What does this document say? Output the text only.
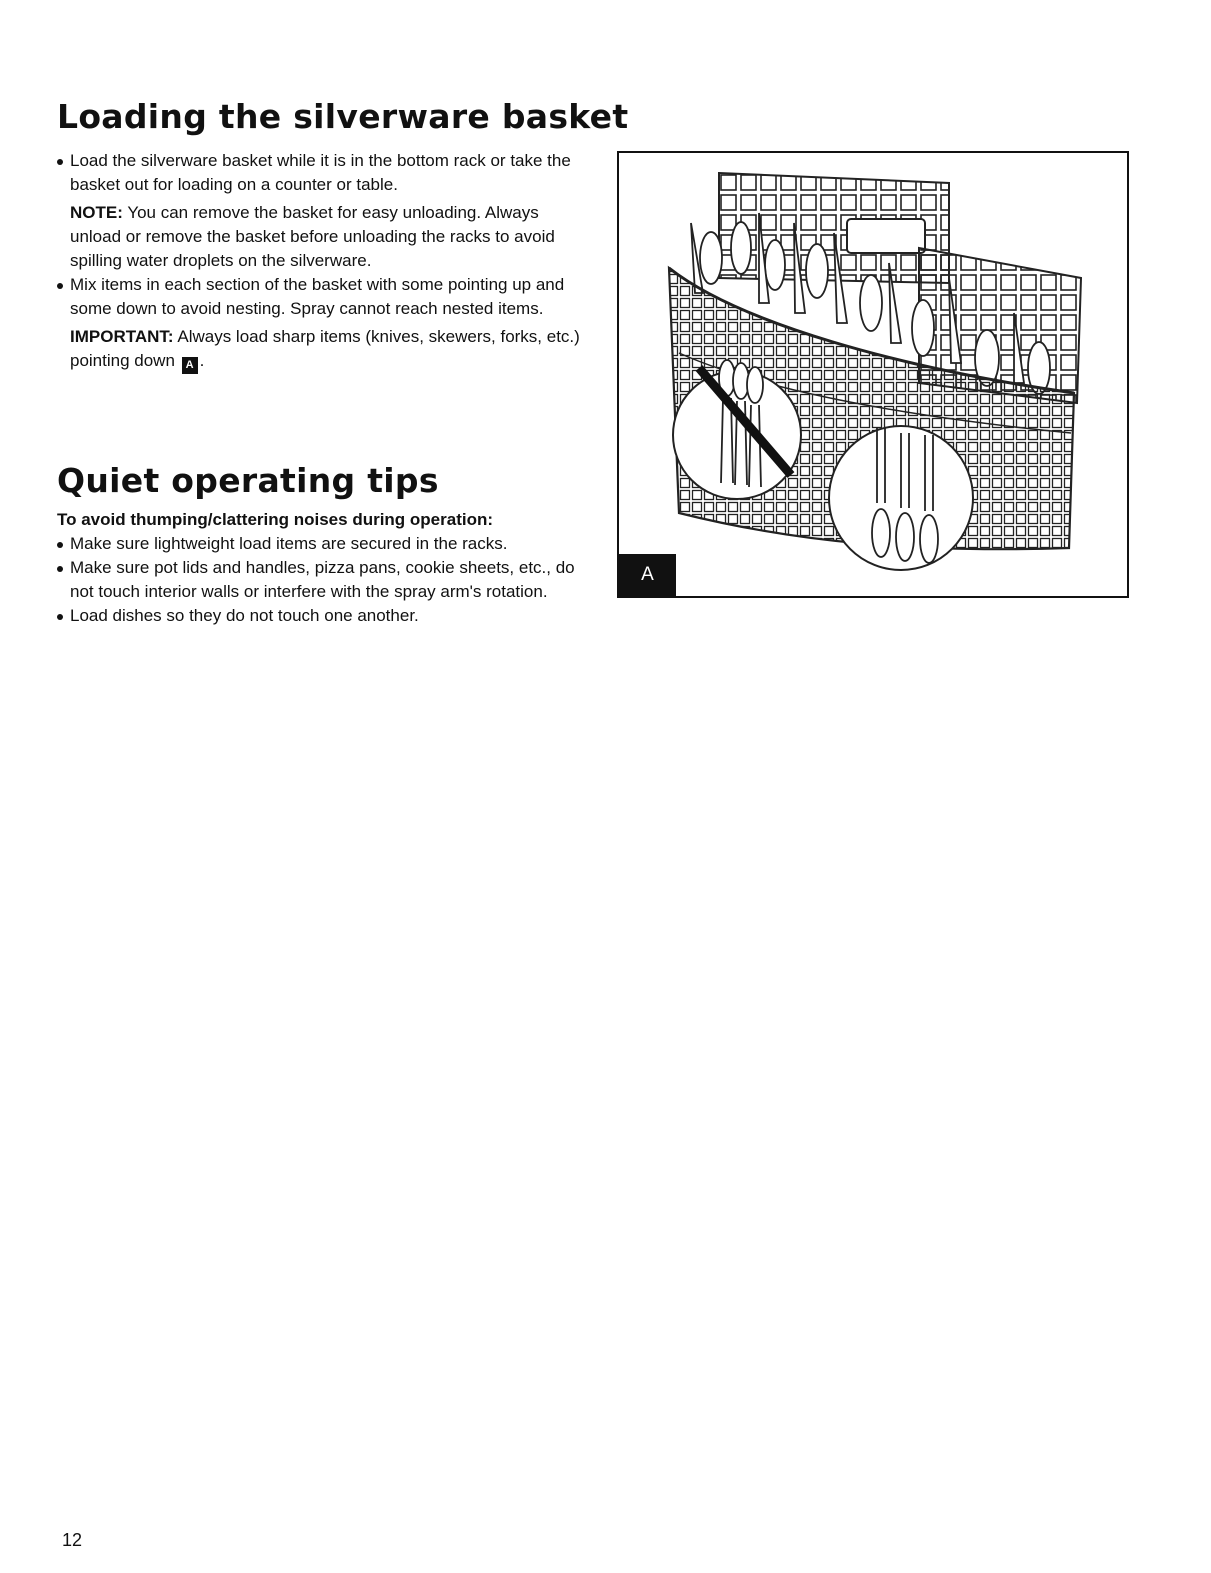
Loading the silverware basket

Load the silverware basket while it is in the bottom rack or take the basket out for loading on a counter or table.

NOTE: You can remove the basket for easy unloading. Always unload or remove the basket before unloading the racks to avoid spilling water droplets on the silverware.

Mix items in each section of the basket with some pointing up and some down to avoid nesting. Spray cannot reach nested items.

IMPORTANT: Always load sharp items (knives, skewers, forks, etc.) pointing down A .

Quiet operating tips

To avoid thumping/clattering noises during operation:

Make sure lightweight load items are secured in the racks.

Make sure pot lids and handles, pizza pans, cookie sheets, etc., do not touch interior walls or interfere with the spray arm's rotation.

Load dishes so they do not touch one another.

A
12
